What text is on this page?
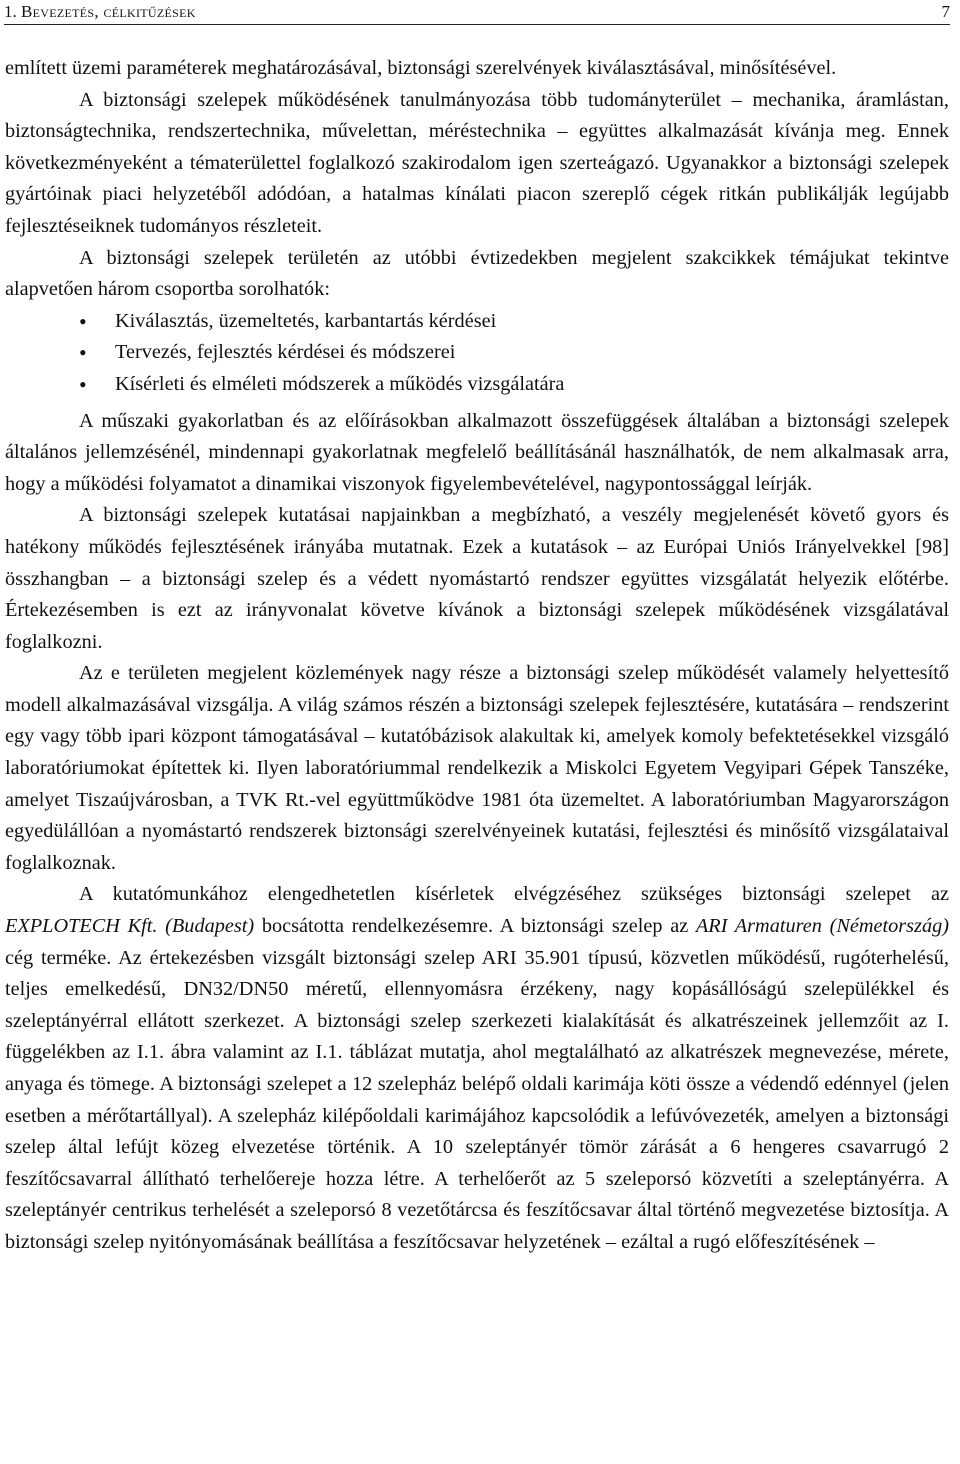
1. Bevezetés, célkitűzések	7

említett üzemi paraméterek meghatározásával, biztonsági szerelvények kiválasztásával, minősítésével.

A biztonsági szelepek működésének tanulmányozása több tudományterület – mechanika, áramlástan, biztonságtechnika, rendszertechnika, művelettan, méréstechnika – együttes alkalmazását kívánja meg. Ennek következményeként a tématerülettel foglalkozó szakirodalom igen szerteágazó. Ugyanakkor a biztonsági szelepek gyártóinak piaci helyzetéből adódóan, a hatalmas kínálati piacon szereplő cégek ritkán publikálják legújabb fejlesztéseiknek tudományos részleteit.

A biztonsági szelepek területén az utóbbi évtizedekben megjelent szakcikkek témájukat tekintve alapvetően három csoportba sorolhatók:

• Kiválasztás, üzemeltetés, karbantartás kérdései
• Tervezés, fejlesztés kérdései és módszerei
• Kísérleti és elméleti módszerek a működés vizsgálatára

A műszaki gyakorlatban és az előírásokban alkalmazott összefüggések általában a biztonsági szelepek általános jellemzésénél, mindennapi gyakorlatnak megfelelő beállításánál használhatók, de nem alkalmasak arra, hogy a működési folyamatot a dinamikai viszonyok figyelembevételével, nagypontossággal leírják.

A biztonsági szelepek kutatásai napjainkban a megbízható, a veszély megjelenését követő gyors és hatékony működés fejlesztésének irányába mutatnak. Ezek a kutatások – az Európai Uniós Irányelvekkel [98] összhangban – a biztonsági szelep és a védett nyomástartó rendszer együttes vizsgálatát helyezik előtérbe. Értekezésemben is ezt az irányvonalat követve kívánok a biztonsági szelepek működésének vizsgálatával foglalkozni.

Az e területen megjelent közlemények nagy része a biztonsági szelep működését valamely helyettesítő modell alkalmazásával vizsgálja. A világ számos részén a biztonsági szelepek fejlesztésére, kutatására – rendszerint egy vagy több ipari központ támogatásával – kutatóbázisok alakultak ki, amelyek komoly befektetésekkel vizsgáló laboratóriumokat építettek ki. Ilyen laboratóriummal rendelkezik a Miskolci Egyetem Vegyipari Gépek Tanszéke, amelyet Tiszaújvárosban, a TVK Rt.-vel együttműködve 1981 óta üzemeltet. A laboratóriumban Magyarországon egyedülállóan a nyomástartó rendszerek biztonsági szerelvényeinek kutatási, fejlesztési és minősítő vizsgálataival foglalkoznak.

A kutatómunkához elengedhetetlen kísérletek elvégzéséhez szükséges biztonsági szelepet az EXPLOTECH Kft. (Budapest) bocsátotta rendelkezésemre. A biztonsági szelep az ARI Armaturen (Németország) cég terméke. Az értekezésben vizsgált biztonsági szelep ARI 35.901 típusú, közvetlen működésű, rugóterhelésű, teljes emelkedésű, DN32/DN50 méretű, ellennyomásra érzékeny, nagy kopásállóságú szelepülékkel és szeleptányérral ellátott szerkezet. A biztonsági szelep szerkezeti kialakítását és alkatrészeinek jellemzőit az I. függelékben az I.1. ábra valamint az I.1. táblázat mutatja, ahol megtalálható az alkatrészek megnevezése, mérete, anyaga és tömege. A biztonsági szelepet a 12 szelepház belépő oldali karimája köti össze a védendő edénnyel (jelen esetben a mérőtartállyal). A szelepház kilépőoldali karimájához kapcsolódik a lefúvóvezeték, amelyen a biztonsági szelep által lefújt közeg elvezetése történik. A 10 szeleptányér tömör zárását a 6 hengeres csavarrugó 2 feszítőcsavarral állítható terhelőereje hozza létre. A terhelőerőt az 5 szeleporsó közvetíti a szeleptányérra. A szeleptányér centrikus terhelését a szeleporsó 8 vezetőtárcsa és feszítőcsavar által történő megvezetése biztosítja. A biztonsági szelep nyitónyomásának beállítása a feszítőcsavar helyzetének – ezáltal a rugó előfeszítésének –
